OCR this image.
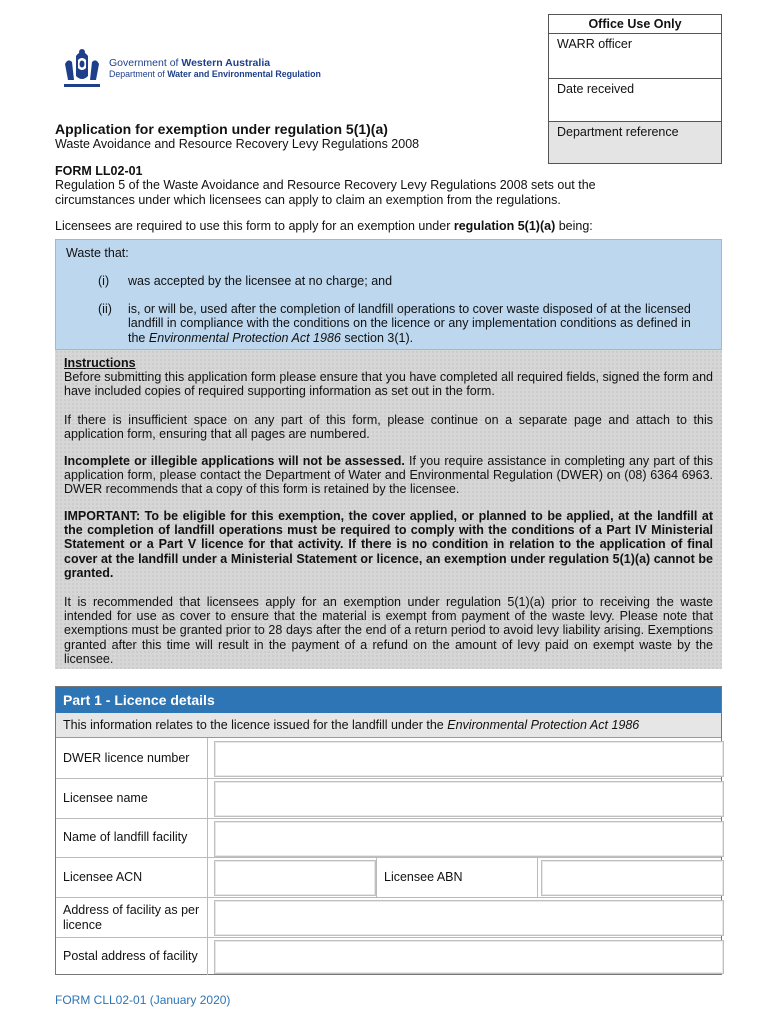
Government of Western Australia
Department of Water and Environmental Regulation
Office Use Only
WARR officer
Date received
Department reference
Application for exemption under regulation 5(1)(a)
Waste Avoidance and Resource Recovery Levy Regulations 2008
FORM LL02-01
Regulation 5 of the Waste Avoidance and Resource Recovery Levy Regulations 2008 sets out the circumstances under which licensees can apply to claim an exemption from the regulations.
Licensees are required to use this form to apply for an exemption under regulation 5(1)(a) being:
Waste that:
(i) was accepted by the licensee at no charge; and
(ii) is, or will be, used after the completion of landfill operations to cover waste disposed of at the licensed landfill in compliance with the conditions on the licence or any implementation conditions as defined in the Environmental Protection Act 1986 section 3(1).

Instructions
Before submitting this application form please ensure that you have completed all required fields, signed the form and have included copies of required supporting information as set out in the form.

If there is insufficient space on any part of this form, please continue on a separate page and attach to this application form, ensuring that all pages are numbered.

Incomplete or illegible applications will not be assessed. If you require assistance in completing any part of this application form, please contact the Department of Water and Environmental Regulation (DWER) on (08) 6364 6963. DWER recommends that a copy of this form is retained by the licensee.

IMPORTANT: To be eligible for this exemption, the cover applied, or planned to be applied, at the landfill at the completion of landfill operations must be required to comply with the conditions of a Part IV Ministerial Statement or a Part V licence for that activity. If there is no condition in relation to the application of final cover at the landfill under a Ministerial Statement or licence, an exemption under regulation 5(1)(a) cannot be granted.

It is recommended that licensees apply for an exemption under regulation 5(1)(a) prior to receiving the waste intended for use as cover to ensure that the material is exempt from payment of the waste levy. Please note that exemptions must be granted prior to 28 days after the end of a return period to avoid levy liability arising. Exemptions granted after this time will result in the payment of a refund on the amount of levy paid on exempt waste by the licensee.

Part 1 - Licence details
This information relates to the licence issued for the landfill under the Environmental Protection Act 1986
DWER licence number
Licensee name
Name of landfill facility
Licensee ACN	Licensee ABN
Address of facility as per licence
Postal address of facility
FORM CLL02-01 (January 2020)
